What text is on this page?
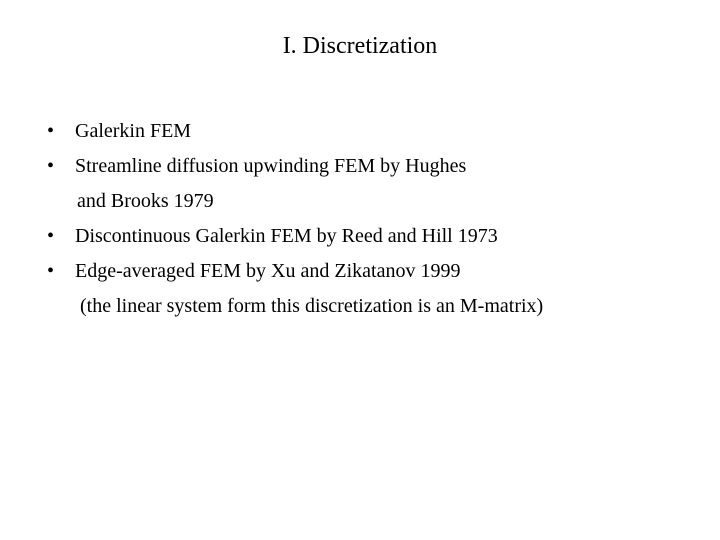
I. Discretization
•	Galerkin FEM
•	Streamline diffusion upwinding FEM by Hughes
and Brooks 1979
•	Discontinuous Galerkin FEM by Reed and Hill 1973
•	Edge-averaged FEM by Xu and Zikatanov 1999
(the linear system form this discretization is an M-matrix)
